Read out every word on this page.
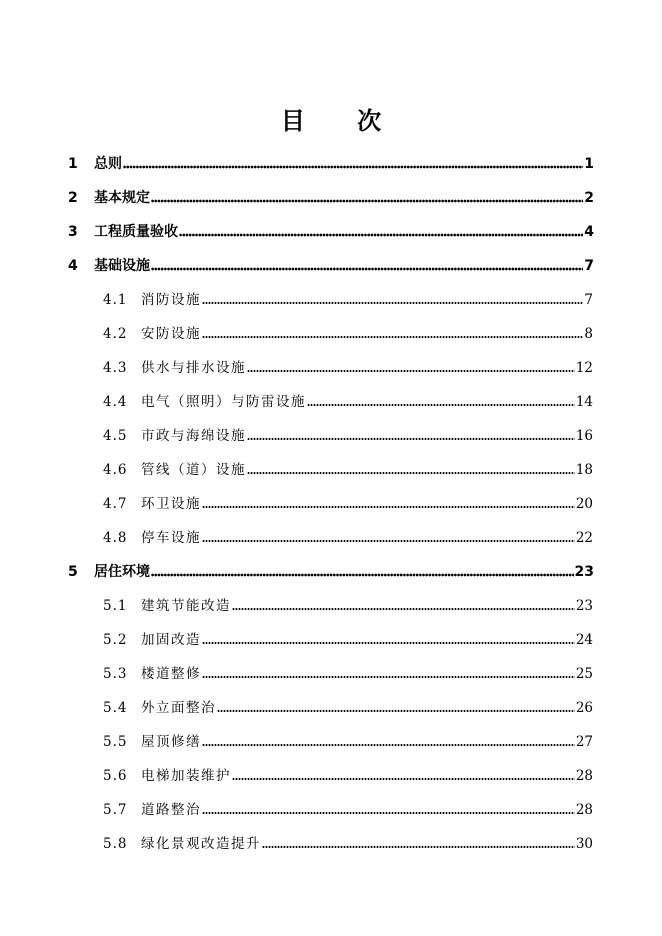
目 次
1	总则	1
2	基本规定	2
3	工程质量验收	4
4	基础设施	7
4.1	消防设施	7
4.2	安防设施	8
4.3	供水与排水设施	12
4.4	电气（照明）与防雷设施	14
4.5	市政与海绵设施	16
4.6	管线（道）设施	18
4.7	环卫设施	20
4.8	停车设施	22
5	居住环境	23
5.1	建筑节能改造	23
5.2	加固改造	24
5.3	楼道整修	25
5.4	外立面整治	26
5.5	屋顶修缮	27
5.6	电梯加装维护	28
5.7	道路整治	28
5.8	绿化景观改造提升	30
